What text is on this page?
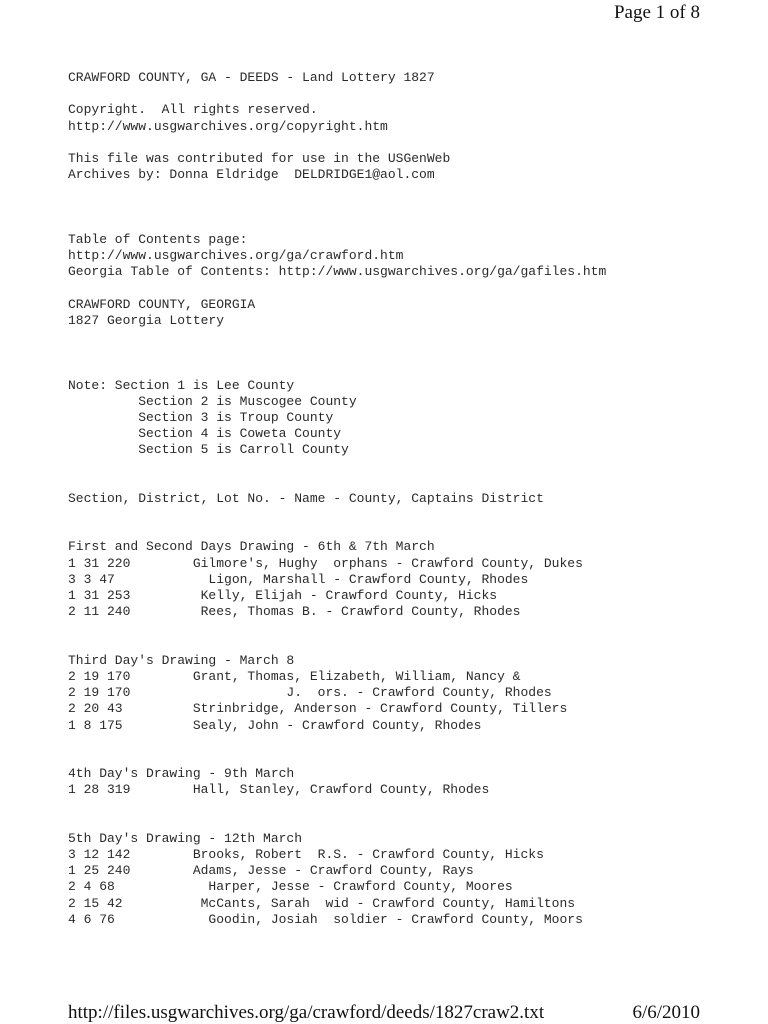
Page 1 of 8
CRAWFORD COUNTY, GA - DEEDS - Land Lottery 1827
Copyright.  All rights reserved.
http://www.usgwarchives.org/copyright.htm
This file was contributed for use in the USGenWeb
Archives by: Donna Eldridge  DELDRIDGE1@aol.com
Table of Contents page:
http://www.usgwarchives.org/ga/crawford.htm
Georgia Table of Contents: http://www.usgwarchives.org/ga/gafiles.htm
CRAWFORD COUNTY, GEORGIA
1827 Georgia Lottery
Note: Section 1 is Lee County
Section 2 is Muscogee County
Section 3 is Troup County
Section 4 is Coweta County
Section 5 is Carroll County
Section, District, Lot No. - Name - County, Captains District
First and Second Days Drawing - 6th & 7th March
1 31 220        Gilmore's, Hughy  orphans - Crawford County, Dukes
3 3 47            Ligon, Marshall - Crawford County, Rhodes
1 31 253         Kelly, Elijah - Crawford County, Hicks
2 11 240         Rees, Thomas B. - Crawford County, Rhodes
Third Day's Drawing - March 8
2 19 170        Grant, Thomas, Elizabeth, William, Nancy &
2 19 170                    J.  ors. - Crawford County, Rhodes
2 20 43         Strinbridge, Anderson - Crawford County, Tillers
1 8 175         Sealy, John - Crawford County, Rhodes
4th Day's Drawing - 9th March
1 28 319        Hall, Stanley, Crawford County, Rhodes
5th Day's Drawing - 12th March
3 12 142        Brooks, Robert  R.S. - Crawford County, Hicks
1 25 240        Adams, Jesse - Crawford County, Rays
2 4 68            Harper, Jesse - Crawford County, Moores
2 15 42          McCants, Sarah  wid - Crawford County, Hamiltons
4 6 76            Goodin, Josiah  soldier - Crawford County, Moors
http://files.usgwarchives.org/ga/crawford/deeds/1827craw2.txt	6/6/2010
